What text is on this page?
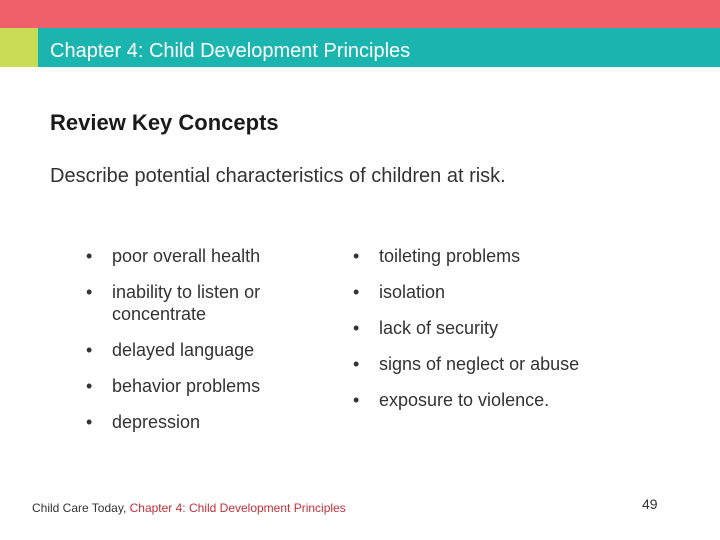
Chapter 4: Child Development Principles
Review Key Concepts
Describe potential characteristics of children at risk.
• poor overall health
• inability to listen or concentrate
• delayed language
• behavior problems
• depression
• toileting problems
• isolation
• lack of security
• signs of neglect or abuse
• exposure to violence.
Child Care Today, Chapter 4: Child Development Principles	49
